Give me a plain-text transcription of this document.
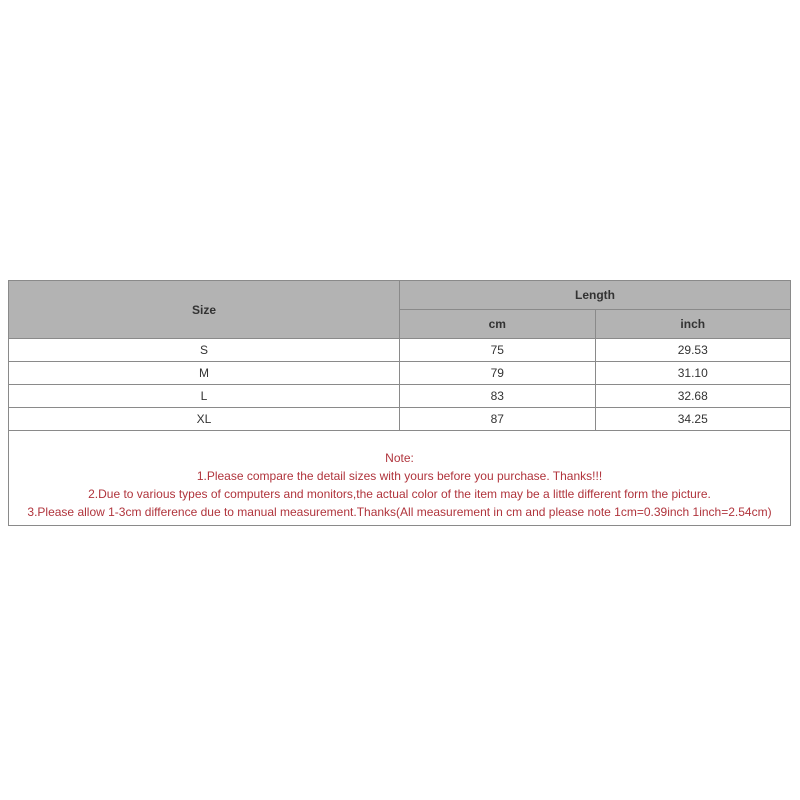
Size	Length	
	cm	inch
S	75	29.53
M	79	31.10
L	83	32.68
XL	87	34.25
Note:
1.Please compare the detail sizes with yours before you purchase. Thanks!!!
2.Due to various types of computers and monitors,the actual color of the item may be a little different form the picture.
3.Please allow 1-3cm difference due to manual measurement.Thanks(All measurement in cm and please note 1cm=0.39inch 1inch=2.54cm)
